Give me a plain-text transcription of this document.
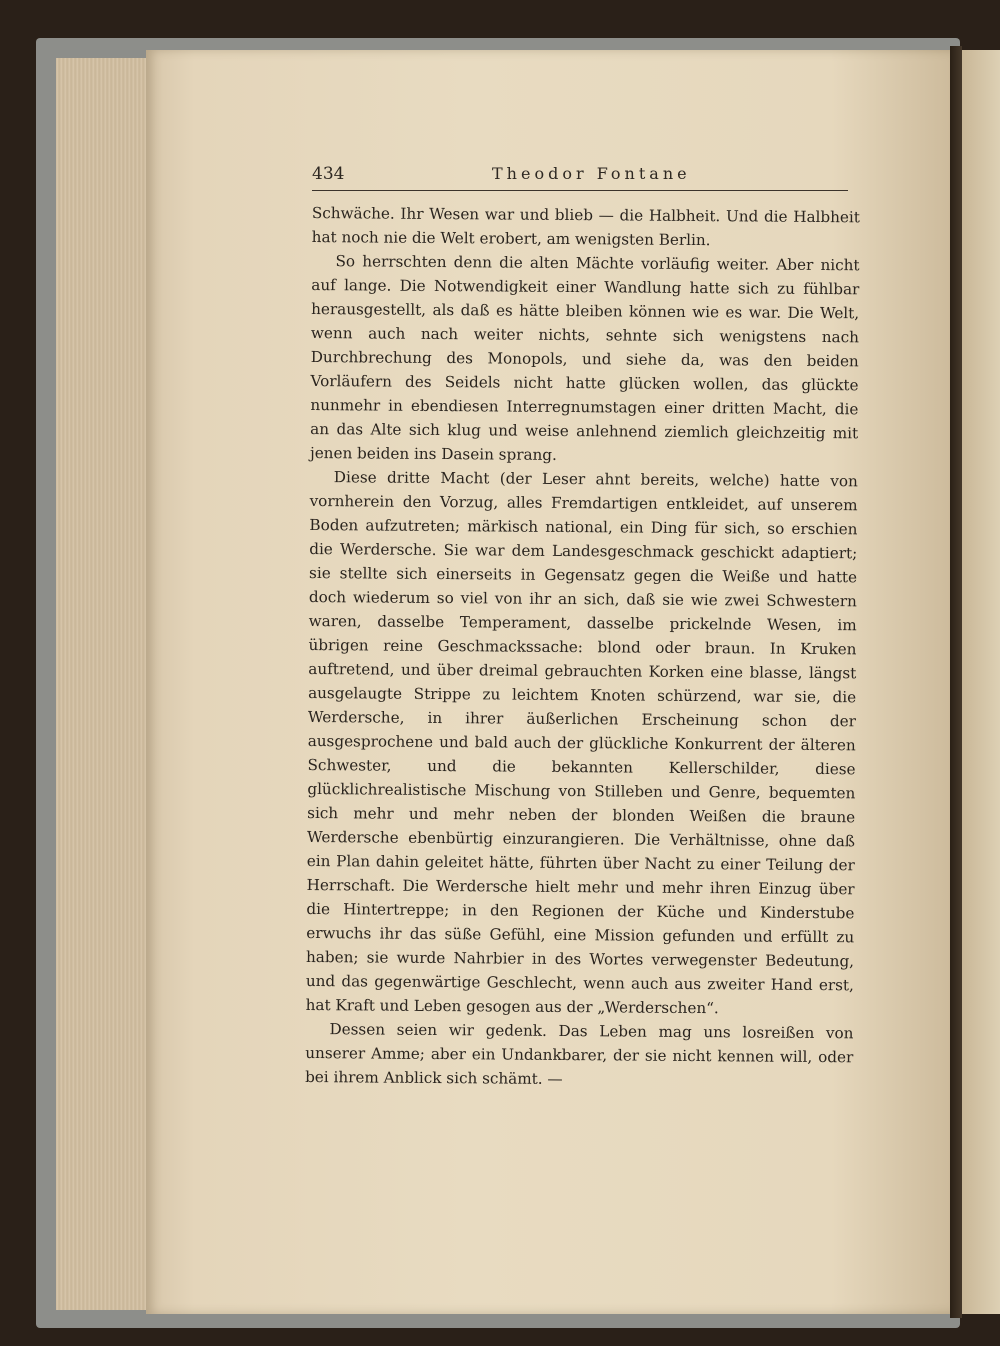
434	Theodor Fontane

Schwäche. Ihr Wesen war und blieb — die Halbheit. Und die Halbheit hat noch nie die Welt erobert, am wenigsten Berlin.

So herrschten denn die alten Mächte vorläufig weiter. Aber nicht auf lange. Die Notwendigkeit einer Wandlung hatte sich zu fühlbar herausgestellt, als daß es hätte bleiben können wie es war. Die Welt, wenn auch nach weiter nichts, sehnte sich wenigstens nach Durchbrechung des Monopols, und siehe da, was den beiden Vorläufern des Seidels nicht hatte glücken wollen, das glückte nunmehr in ebendiesen Interregnumstagen einer dritten Macht, die an das Alte sich klug und weise anlehnend ziemlich gleichzeitig mit jenen beiden ins Dasein sprang.

Diese dritte Macht (der Leser ahnt bereits, welche) hatte von vornherein den Vorzug, alles Fremdartigen entkleidet, auf unserem Boden aufzutreten; märkisch national, ein Ding für sich, so erschien die Werdersche. Sie war dem Landesgeschmack geschickt adaptiert; sie stellte sich einerseits in Gegensatz gegen die Weiße und hatte doch wiederum so viel von ihr an sich, daß sie wie zwei Schwestern waren, dasselbe Temperament, dasselbe prickelnde Wesen, im übrigen reine Geschmackssache: blond oder braun. In Kruken auftretend, und über dreimal gebrauchten Korken eine blasse, längst ausgelaugte Strippe zu leichtem Knoten schürzend, war sie, die Werdersche, in ihrer äußerlichen Erscheinung schon der ausgesprochene und bald auch der glückliche Konkurrent der älteren Schwester, und die bekannten Kellerschilder, diese glücklichrealistische Mischung von Stilleben und Genre, bequemten sich mehr und mehr neben der blonden Weißen die braune Werdersche ebenbürtig einzurangieren. Die Verhältnisse, ohne daß ein Plan dahin geleitet hätte, führten über Nacht zu einer Teilung der Herrschaft. Die Werdersche hielt mehr und mehr ihren Einzug über die Hintertreppe; in den Regionen der Küche und Kinderstube erwuchs ihr das süße Gefühl, eine Mission gefunden und erfüllt zu haben; sie wurde Nahrbier in des Wortes verwegenster Bedeutung, und das gegenwärtige Geschlecht, wenn auch aus zweiter Hand erst, hat Kraft und Leben gesogen aus der „Werderschen“.

Dessen seien wir gedenk. Das Leben mag uns losreißen von unserer Amme; aber ein Undankbarer, der sie nicht kennen will, oder bei ihrem Anblick sich schämt. —
